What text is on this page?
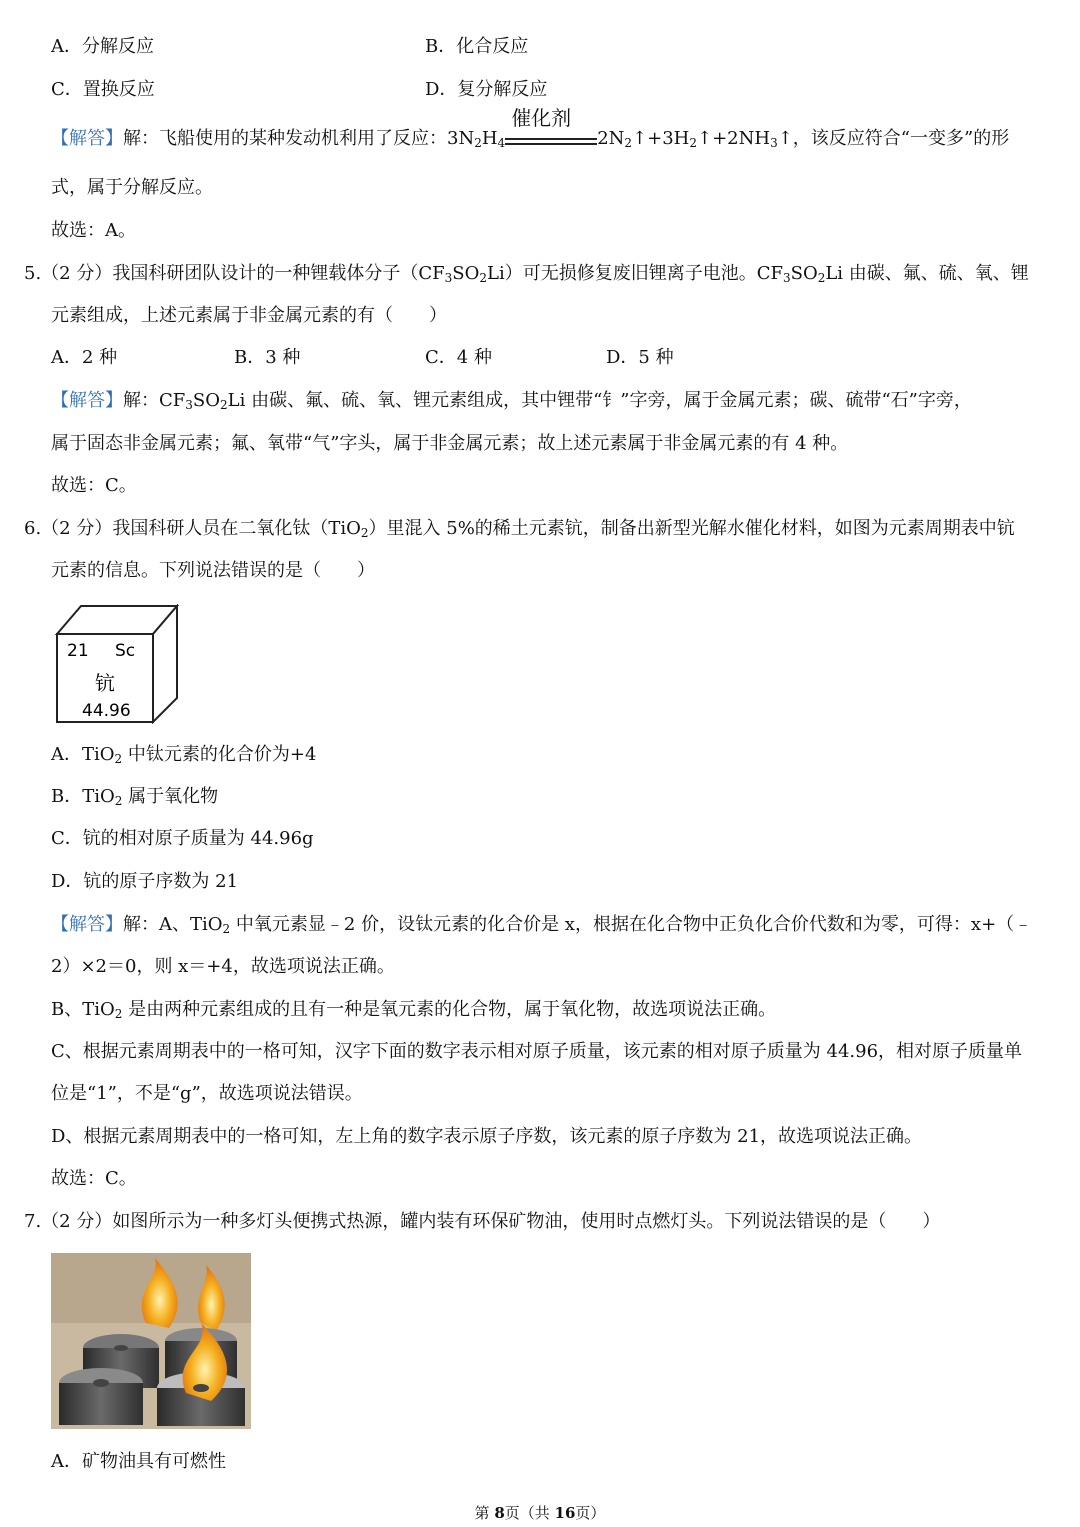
A．分解反应	B．化合反应
C．置换反应	D．复分解反应
【解答】解：飞船使用的某种发动机利用了反应：$3N_2H_4$
催化剂
$2N_2↑+3H_2↑+2NH_3↑$，该反应符合“一变多”的形
式，属于分解反应。
故选：A。
5.（2 分）我国科研团队设计的一种锂载体分子$(CF_3SO_2Li)$可无损修复废旧锂离子电池。$CF_3SO_2Li$ 由碳、氟、硫、氧、锂
元素组成，上述元素属于非金属元素的有（　　）
A．2 种	B．3 种	C．4 种	D．5 种
【解答】解：$CF_3SO_2Li$ 由碳、氟、硫、氧、锂元素组成，其中锂带“钅”字旁，属于金属元素；碳、硫带“石”字旁，
属于固态非金属元素；氟、氧带“气”字头，属于非金属元素；故上述元素属于非金属元素的有 4 种。
故选：C。
6.（2 分）我国科研人员在二氧化钛（TiO$_2$）里混入 5%的稀土元素钪，制备出新型光解水催化材料，如图为元素周期表中钪
元素的信息。下列说法错误的是（　　）
21 Sc
钪
44.96
A．TiO$_2$ 中钛元素的化合价为+4
B．TiO$_2$ 属于氧化物
C．钪的相对原子质量为 44.96g
D．钪的原子序数为 21
【解答】解：A、TiO$_2$ 中氧元素显﹣2 价，设钛元素的化合价是 x，根据在化合物中正负化合价代数和为零，可得：x+（﹣
2）×2＝0，则 x＝+4，故选项说法正确。
B、TiO$_2$ 是由两种元素组成的且有一种是氧元素的化合物，属于氧化物，故选项说法正确。
C、根据元素周期表中的一格可知，汉字下面的数字表示相对原子质量，该元素的相对原子质量为 44.96，相对原子质量单
位是“1”，不是“g”，故选项说法错误。
D、根据元素周期表中的一格可知，左上角的数字表示原子序数，该元素的原子序数为 21，故选项说法正确。
故选：C。
7.（2 分）如图所示为一种多灯头便携式热源，罐内装有环保矿物油，使用时点燃灯头。下列说法错误的是（　　）
A．矿物油具有可燃性
第 8页（共 16页）
